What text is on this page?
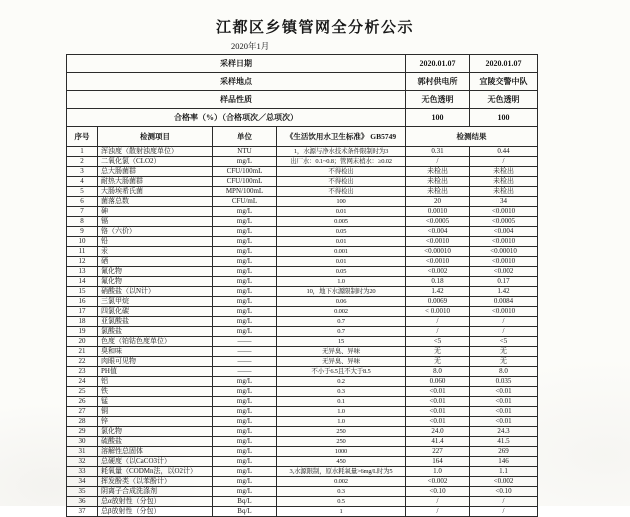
江都区乡镇管网全分析公示
2020年1月
采样日期				2020.01.07	2020.01.07
采样地点				郭村供电所	宜陵交警中队
样品性质				无色透明	无色透明
合格率（%）（合格项次／总项次）				100	100
序号	检测项目	单位	《生活饮用水卫生标准》 GB5749	检测结果	
1	浑浊度（散射浊度单位）	NTU	1，水源与净水技术条件限制时为3	0.31	0.44
2	二氧化氯（CLO2）	mg/L	出厂水：0.1~0.8；管网末梢水：≥0.02	/	/
3	总大肠菌群	CFU/100mL	不得检出	未检出	未检出
4	耐热大肠菌群	CFU/100mL	不得检出	未检出	未检出
5	大肠埃希氏菌	MPN/100mL	不得检出	未检出	未检出
6	菌落总数	CFU/mL	100	20	34
7	砷	mg/L	0.01	0.0010	<0.0010
8	镉	mg/L	0.005	<0.0005	<0.0005
9	铬（六价）	mg/L	0.05	<0.004	<0.004
10	铅	mg/L	0.01	<0.0010	<0.0010
11	汞	mg/L	0.001	<0.00010	<0.00010
12	硒	mg/L	0.01	<0.0010	<0.0010
13	氰化物	mg/L	0.05	<0.002	<0.002
14	氟化物	mg/L	1.0	0.18	0.17
15	硝酸盐（以N计）	mg/L	10，地下水源限制时为20	1.42	1.42
16	三氯甲烷	mg/L	0.06	0.0069	0.0084
17	四氯化碳	mg/L	0.002	< 0.0010	<0.0010
18	亚氯酸盐	mg/L	0.7	/	/
19	氯酸盐	mg/L	0.7	/	/
20	色度（铂钴色度单位）	——	15	<5	<5
21	臭和味	——	无异臭、异味	无	无
22	肉眼可见物	——	无异臭、异味	无	无
23	PH值	——	不小于6.5且不大于8.5	8.0	8.0
24	铝	mg/L	0.2	0.060	0.035
25	铁	mg/L	0.3	<0.01	<0.01
26	锰	mg/L	0.1	<0.01	<0.01
27	铜	mg/L	1.0	<0.01	<0.01
28	锌	mg/L	1.0	<0.01	<0.01
29	氯化物	mg/L	250	24.0	24.3
30	硫酸盐	mg/L	250	41.4	41.5
31	溶解性总固体	mg/L	1000	227	269
32	总硬度（以CaCO3计）	mg/L	450	164	146
33	耗氧量（CODMn法，以O2计）	mg/L	3,水源限制，原水耗氧量>6mg/L时为5	1.0	1.1
34	挥发酚类（以苯酚计）	mg/L	0.002	<0.002	<0.002
35	阴离子合成洗涤剂	mg/L	0.3	<0.10	<0.10
36	总α放射性（分包）	Bq/L	0.5	/	/
37	总β放射性（分包）	Bq/L	1	/	/
